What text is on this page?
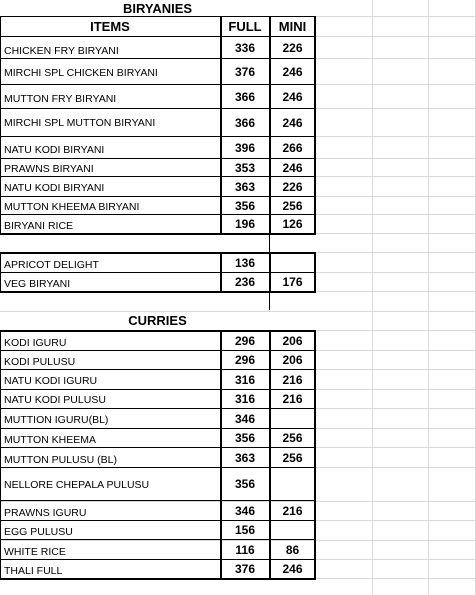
BIRYANIES
ITEMS	FULL	MINI
CHICKEN FRY BIRYANI	336	226
MIRCHI SPL CHICKEN BIRYANI	376	246
MUTTON FRY BIRYANI	366	246
MIRCHI SPL MUTTON BIRYANI	366	246
NATU KODI BIRYANI	396	266
PRAWNS BIRYANI	353	246
NATU KODI BIRYANI	363	226
MUTTON KHEEMA BIRYANI	356	256
BIRYANI RICE	196	126
APRICOT DELIGHT	136
VEG BIRYANI	236	176
CURRIES
KODI IGURU	296	206
KODI PULUSU	296	206
NATU KODI IGURU	316	216
NATU KODI PULUSU	316	216
MUTTION IGURU(BL)	346
MUTTON KHEEMA	356	256
MUTTON PULUSU (BL)	363	256
NELLORE CHEPALA PULUSU	356
PRAWNS IGURU	346	216
EGG PULUSU	156
WHITE RICE	116	86
THALI FULL	376	246
